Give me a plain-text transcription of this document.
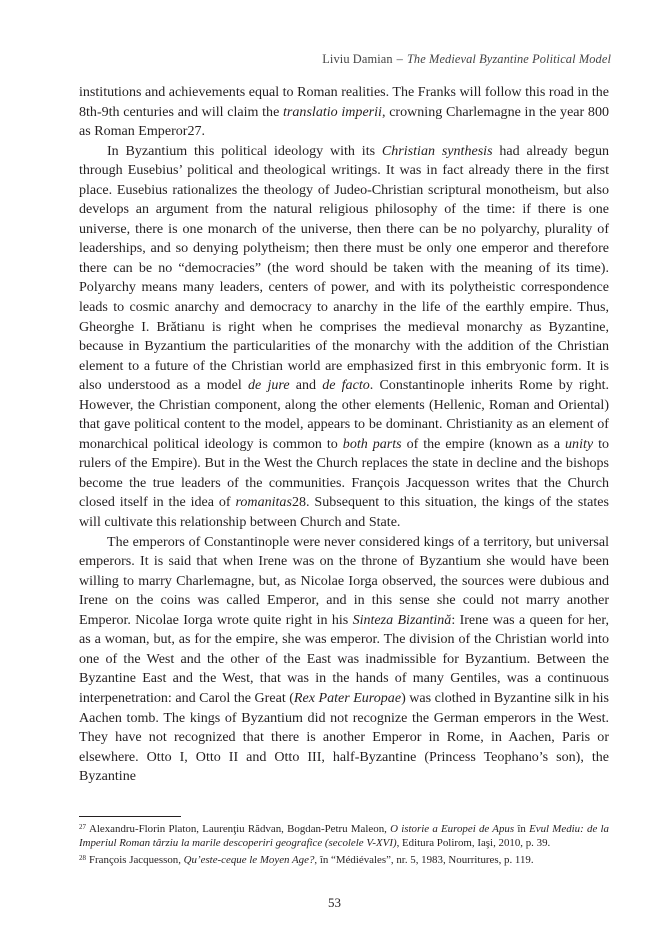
Liviu Damian – The Medieval Byzantine Political Model

institutions and achievements equal to Roman realities. The Franks will follow this road in the 8th-9th centuries and will claim the translatio imperii, crowning Charlemagne in the year 800 as Roman Emperor27.

In Byzantium this political ideology with its Christian synthesis had already begun through Eusebius’ political and theological writings. It was in fact already there in the first place. Eusebius rationalizes the theology of Judeo-Christian scriptural monotheism, but also develops an argument from the natural religious philosophy of the time: if there is one universe, there is one monarch of the universe, then there can be no polyarchy, plurality of leaderships, and so denying polytheism; then there must be only one emperor and therefore there can be no “democracies” (the word should be taken with the meaning of its time). Polyarchy means many leaders, centers of power, and with its polytheistic correspondence leads to cosmic anarchy and democracy to anarchy in the life of the earthly empire. Thus, Gheorghe I. Brătianu is right when he comprises the medieval monarchy as Byzantine, because in Byzantium the particularities of the monarchy with the addition of the Christian element to a future of the Christian world are emphasized first in this embryonic form. It is also understood as a model de jure and de facto. Constantinople inherits Rome by right. However, the Christian component, along the other elements (Hellenic, Roman and Oriental) that gave political content to the model, appears to be dominant. Christianity as an element of monarchical political ideology is common to both parts of the empire (known as a unity to rulers of the Empire). But in the West the Church replaces the state in decline and the bishops become the true leaders of the communities. François Jacquesson writes that the Church closed itself in the idea of romanitas28. Subsequent to this situation, the kings of the states will cultivate this relationship between Church and State.

The emperors of Constantinople were never considered kings of a territory, but universal emperors. It is said that when Irene was on the throne of Byzantium she would have been willing to marry Charlemagne, but, as Nicolae Iorga observed, the sources were dubious and Irene on the coins was called Emperor, and in this sense she could not marry another Emperor. Nicolae Iorga wrote quite right in his Sinteza Bizantină: Irene was a queen for her, as a woman, but, as for the empire, she was emperor. The division of the Christian world into one of the West and the other of the East was inadmissible for Byzantium. Between the Byzantine East and the West, that was in the hands of many Gentiles, was a continuous interpenetration: and Carol the Great (Rex Pater Europae) was clothed in Byzantine silk in his Aachen tomb. The kings of Byzantium did not recognize the German emperors in the West. They have not recognized that there is another Emperor in Rome, in Aachen, Paris or elsewhere. Otto I, Otto II and Otto III, half-Byzantine (Princess Teophano’s son), the Byzantine

$^{27}$ Alexandru-Florin Platon, Laurenţiu Rădvan, Bogdan-Petru Maleon, O istorie a Europei de Apus în Evul Mediu: de la Imperiul Roman târziu la marile descoperiri geografice (secolele V-XVI), Editura Polirom, Iaşi, 2010, p. 39.

$^{28}$ François Jacquesson, Qu’este-ceque le Moyen Age?, în “Médiévales”, nr. 5, 1983, Nourritures, p. 119.

53
